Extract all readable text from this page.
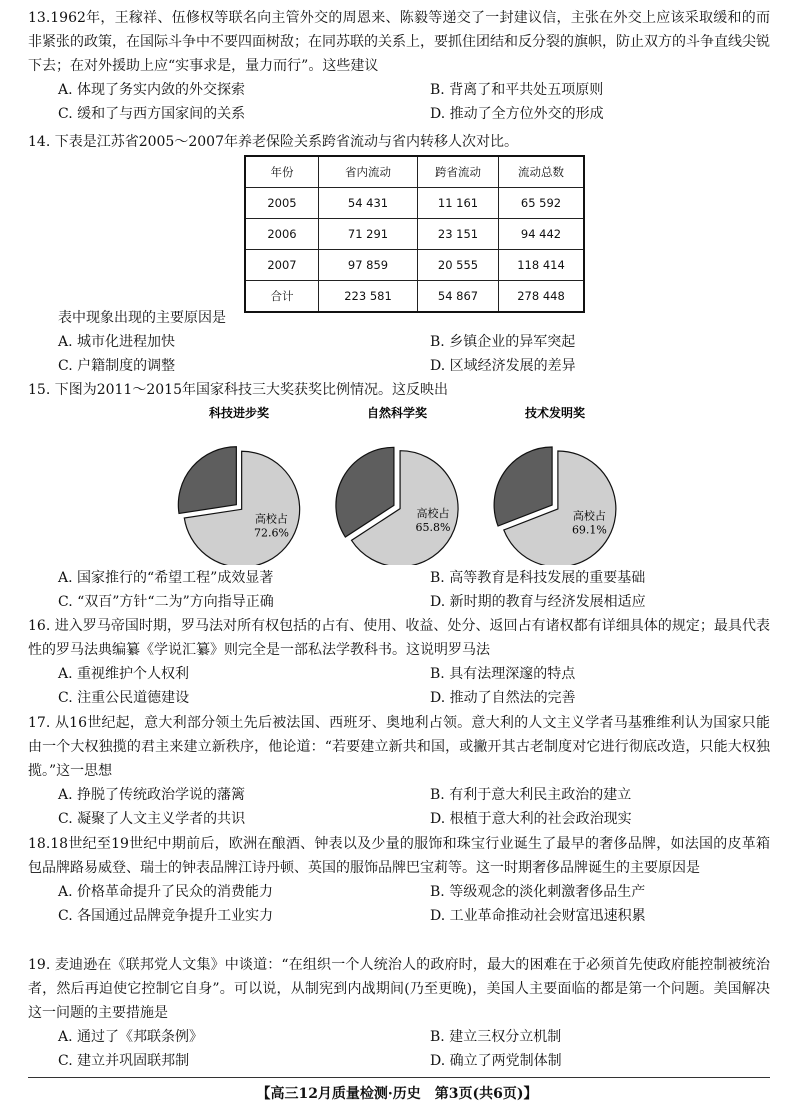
13.1962年，王稼祥、伍修权等联名向主管外交的周恩来、陈毅等递交了一封建议信，主张在外交上应该采取缓和的而非紧张的政策，在国际斗争中不要四面树敌；在同苏联的关系上，要抓住团结和反分裂的旗帜，防止双方的斗争直线尖锐下去；在对外援助上应“实事求是，量力而行”。这些建议
A. 体现了务实内敛的外交探索	B. 背离了和平共处五项原则
C. 缓和了与西方国家间的关系	D. 推动了全方位外交的形成
14. 下表是江苏省2005～2007年养老保险关系跨省流动与省内转移人次对比。
年份	省内流动	跨省流动	流动总数
2005	54 431	11 161	65 592
2006	71 291	23 151	94 442
2007	97 859	20 555	118 414
合计	223 581	54 867	278 448
表中现象出现的主要原因是
A. 城市化进程加快	B. 乡镇企业的异军突起
C. 户籍制度的调整	D. 区域经济发展的差异
15. 下图为2011～2015年国家科技三大奖获奖比例情况。这反映出
科技进步奖
高校占
72.6%
自然科学奖
高校占
65.8%
技术发明奖
高校占
69.1%
A. 国家推行的“希望工程”成效显著	B. 高等教育是科技发展的重要基础
C. “双百”方针“二为”方向指导正确	D. 新时期的教育与经济发展相适应
16. 进入罗马帝国时期，罗马法对所有权包括的占有、使用、收益、处分、返回占有诸权都有详细具体的规定；最具代表性的罗马法典编纂《学说汇纂》则完全是一部私法学教科书。这说明罗马法
A. 重视维护个人权利	B. 具有法理深邃的特点
C. 注重公民道德建设	D. 推动了自然法的完善
17. 从16世纪起，意大利部分领土先后被法国、西班牙、奥地利占领。意大利的人文主义学者马基雅维利认为国家只能由一个大权独揽的君主来建立新秩序，他论道：“若要建立新共和国，或撇开其古老制度对它进行彻底改造，只能大权独揽。”这一思想
A. 挣脱了传统政治学说的藩篱	B. 有利于意大利民主政治的建立
C. 凝聚了人文主义学者的共识	D. 根植于意大利的社会政治现实
18.18世纪至19世纪中期前后，欧洲在酿酒、钟表以及少量的服饰和珠宝行业诞生了最早的奢侈品牌，如法国的皮革箱包品牌路易威登、瑞士的钟表品牌江诗丹顿、英国的服饰品牌巴宝莉等。这一时期奢侈品牌诞生的主要原因是
A. 价格革命提升了民众的消费能力	B. 等级观念的淡化刺激奢侈品生产
C. 各国通过品牌竞争提升工业实力	D. 工业革命推动社会财富迅速积累
19. 麦迪逊在《联邦党人文集》中谈道：“在组织一个人统治人的政府时，最大的困难在于必须首先使政府能控制被统治者，然后再迫使它控制它自身”。可以说，从制宪到内战期间(乃至更晚)，美国人主要面临的都是第一个问题。美国解决这一问题的主要措施是
A. 通过了《邦联条例》	B. 建立三权分立机制
C. 建立并巩固联邦制	D. 确立了两党制体制
【高三12月质量检测·历史　第3页(共6页)】
